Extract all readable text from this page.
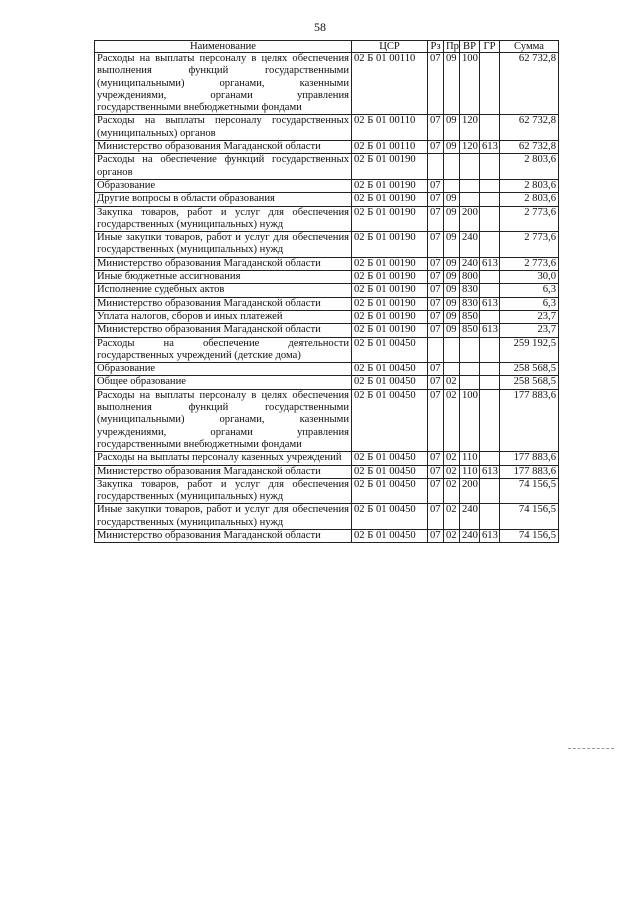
58
Наименование	ЦСР	Рз	Пр	ВР	ГР	Сумма
Расходы на выплаты персоналу в целях обеспечения выполнения функций государственными (муниципальными) органами, казенными учреждениями, органами управления государственными внебюджетными фондами	02 Б 01 00110	07	09	100		62 732,8
Расходы на выплаты персоналу государственных (муниципальных) органов	02 Б 01 00110	07	09	120		62 732,8
Министерство образования Магаданской области	02 Б 01 00110	07	09	120	613	62 732,8
Расходы на обеспечение функций государственных органов	02 Б 01 00190					2 803,6
Образование	02 Б 01 00190	07				2 803,6
Другие вопросы в области образования	02 Б 01 00190	07	09			2 803,6
Закупка товаров, работ и услуг для обеспечения государственных (муниципальных) нужд	02 Б 01 00190	07	09	200		2 773,6
Иные закупки товаров, работ и услуг для обеспечения государственных (муниципальных) нужд	02 Б 01 00190	07	09	240		2 773,6
Министерство образования Магаданской области	02 Б 01 00190	07	09	240	613	2 773,6
Иные бюджетные ассигнования	02 Б 01 00190	07	09	800		30,0
Исполнение судебных актов	02 Б 01 00190	07	09	830		6,3
Министерство образования Магаданской области	02 Б 01 00190	07	09	830	613	6,3
Уплата налогов, сборов и иных платежей	02 Б 01 00190	07	09	850		23,7
Министерство образования Магаданской области	02 Б 01 00190	07	09	850	613	23,7
Расходы на обеспечение деятельности государственных учреждений (детские дома)	02 Б 01 00450					259 192,5
Образование	02 Б 01 00450	07				258 568,5
Общее образование	02 Б 01 00450	07	02			258 568,5
Расходы на выплаты персоналу в целях обеспечения выполнения функций государственными (муниципальными) органами, казенными учреждениями, органами управления государственными внебюджетными фондами	02 Б 01 00450	07	02	100		177 883,6
Расходы на выплаты персоналу казенных учреждений	02 Б 01 00450	07	02	110		177 883,6
Министерство образования Магаданской области	02 Б 01 00450	07	02	110	613	177 883,6
Закупка товаров, работ и услуг для обеспечения государственных (муниципальных) нужд	02 Б 01 00450	07	02	200		74 156,5
Иные закупки товаров, работ и услуг для обеспечения государственных (муниципальных) нужд	02 Б 01 00450	07	02	240		74 156,5
Министерство образования Магаданской области	02 Б 01 00450	07	02	240	613	74 156,5
